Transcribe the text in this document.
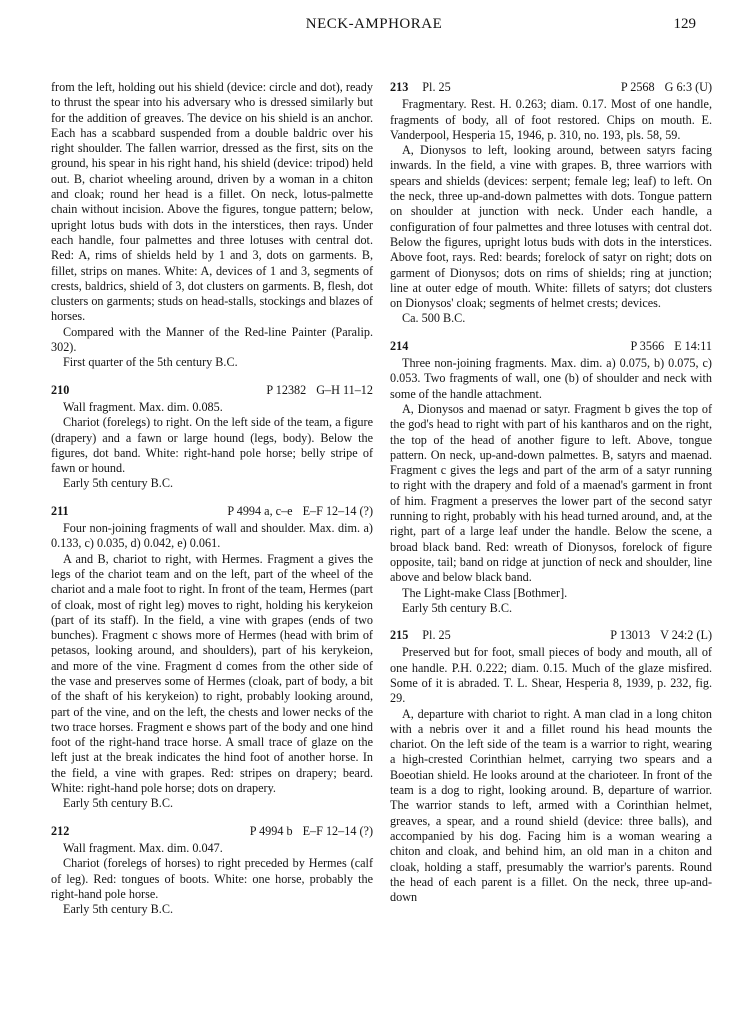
NECK-AMPHORAE	129

from the left, holding out his shield (device: circle and dot), ready to thrust the spear into his adversary who is dressed similarly but for the addition of greaves. The device on his shield is an anchor. Each has a scabbard suspended from a double baldric over his right shoulder. The fallen warrior, dressed as the first, sits on the ground, his spear in his right hand, his shield (device: tripod) held out. B, chariot wheeling around, driven by a woman in a chiton and cloak; round her head is a fillet. On neck, lotus-palmette chain without incision. Above the figures, tongue pattern; below, upright lotus buds with dots in the interstices, then rays. Under each handle, four palmettes and three lotuses with central dot. Red: A, rims of shields held by 1 and 3, dots on garments. B, fillet, strips on manes. White: A, devices of 1 and 3, segments of crests, baldrics, shield of 3, dot clusters on garments. B, flesh, dot clusters on garments; studs on head-stalls, stockings and blazes of horses.

Compared with the Manner of the Red-line Painter (Paralip. 302).

First quarter of the 5th century B.C.

210	P 12382 G–H 11–12

Wall fragment. Max. dim. 0.085.

Chariot (forelegs) to right. On the left side of the team, a figure (drapery) and a fawn or large hound (legs, body). Below the figures, dot band. White: right-hand pole horse; belly stripe of fawn or hound.

Early 5th century B.C.

211	P 4994 a, c–e E–F 12–14 (?)

Four non-joining fragments of wall and shoulder. Max. dim. a) 0.133, c) 0.035, d) 0.042, e) 0.061.

A and B, chariot to right, with Hermes. Fragment a gives the legs of the chariot team and on the left, part of the wheel of the chariot and a male foot to right. In front of the team, Hermes (part of cloak, most of right leg) moves to right, holding his kerykeion (part of its staff). In the field, a vine with grapes (ends of two bunches). Fragment c shows more of Hermes (head with brim of petasos, looking around, and shoulders), part of his kerykeion, and more of the vine. Fragment d comes from the other side of the vase and preserves some of Hermes (cloak, part of body, a bit of the shaft of his kerykeion) to right, probably looking around, part of the vine, and on the left, the chests and lower necks of the two trace horses. Fragment e shows part of the body and one hind foot of the right-hand trace horse. A small trace of glaze on the left just at the break indicates the hind foot of another horse. In the field, a vine with grapes. Red: stripes on drapery; beard. White: right-hand pole horse; dots on drapery.

Early 5th century B.C.

212	P 4994 b E–F 12–14 (?)

Wall fragment. Max. dim. 0.047.

Chariot (forelegs of horses) to right preceded by Hermes (calf of leg). Red: tongues of boots. White: one horse, probably the right-hand pole horse.

Early 5th century B.C.

213 Pl. 25	P 2568 G 6:3 (U)

Fragmentary. Rest. H. 0.263; diam. 0.17. Most of one handle, fragments of body, all of foot restored. Chips on mouth. E. Vanderpool, Hesperia 15, 1946, p. 310, no. 193, pls. 58, 59.

A, Dionysos to left, looking around, between satyrs facing inwards. In the field, a vine with grapes. B, three warriors with spears and shields (devices: serpent; female leg; leaf) to left. On the neck, three up-and-down palmettes with dots. Tongue pattern on shoulder at junction with neck. Under each handle, a configuration of four palmettes and three lotuses with central dot. Below the figures, upright lotus buds with dots in the interstices. Above foot, rays. Red: beards; forelock of satyr on right; dots on garment of Dionysos; dots on rims of shields; ring at junction; line at outer edge of mouth. White: fillets of satyrs; dot clusters on Dionysos' cloak; segments of helmet crests; devices.

Ca. 500 B.C.

214	P 3566 E 14:11

Three non-joining fragments. Max. dim. a) 0.075, b) 0.075, c) 0.053. Two fragments of wall, one (b) of shoulder and neck with some of the handle attachment.

A, Dionysos and maenad or satyr. Fragment b gives the top of the god's head to right with part of his kantharos and on the right, the top of the head of another figure to left. Above, tongue pattern. On neck, up-and-down palmettes. B, satyrs and maenad. Fragment c gives the legs and part of the arm of a satyr running to right with the drapery and fold of a maenad's garment in front of him. Fragment a preserves the lower part of the second satyr running to right, probably with his head turned around, and, at the right, part of a large leaf under the handle. Below the scene, a broad black band. Red: wreath of Dionysos, forelock of figure opposite, tail; band on ridge at junction of neck and shoulder, line above and below black band.

The Light-make Class [Bothmer].

Early 5th century B.C.

215 Pl. 25	P 13013 V 24:2 (L)

Preserved but for foot, small pieces of body and mouth, all of one handle. P.H. 0.222; diam. 0.15. Much of the glaze misfired. Some of it is abraded. T. L. Shear, Hesperia 8, 1939, p. 232, fig. 29.

A, departure with chariot to right. A man clad in a long chiton with a nebris over it and a fillet round his head mounts the chariot. On the left side of the team is a warrior to right, wearing a high-crested Corinthian helmet, carrying two spears and a Boeotian shield. He looks around at the charioteer. In front of the team is a dog to right, looking around. B, departure of warrior. The warrior stands to left, armed with a Corinthian helmet, greaves, a spear, and a round shield (device: three balls), and accompanied by his dog. Facing him is a woman wearing a chiton and cloak, and behind him, an old man in a chiton and cloak, holding a staff, presumably the warrior's parents. Round the head of each parent is a fillet. On the neck, three up-and-down
